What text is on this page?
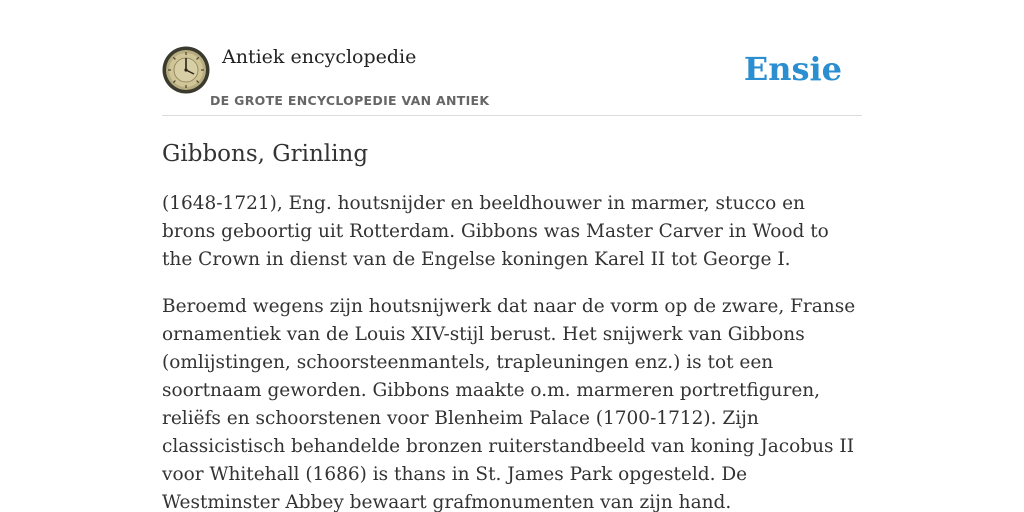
Antiek encyclopedie
DE GROTE ENCYCLOPEDIE VAN ANTIEK
Ensie
Gibbons, Grinling

(1648-1721), Eng. houtsnijder en beeldhouwer in marmer, stucco en brons geboortig uit Rotterdam. Gibbons was Master Carver in Wood to the Crown in dienst van de Engelse koningen Karel II tot George I.

Beroemd wegens zijn houtsnijwerk dat naar de vorm op de zware, Franse ornamentiek van de Louis XIV-stijl berust. Het snijwerk van Gibbons (omlijstingen, schoorsteenmantels, trapleuningen enz.) is tot een soortnaam geworden. Gibbons maakte o.m. marmeren portretfiguren, reliëfs en schoorstenen voor Blenheim Palace (1700-1712). Zijn classicistisch behandelde bronzen ruiterstandbeeld van koning Jacobus II voor Whitehall (1686) is thans in St. James Park opgesteld. De Westminster Abbey bewaart grafmonumenten van zijn hand.
